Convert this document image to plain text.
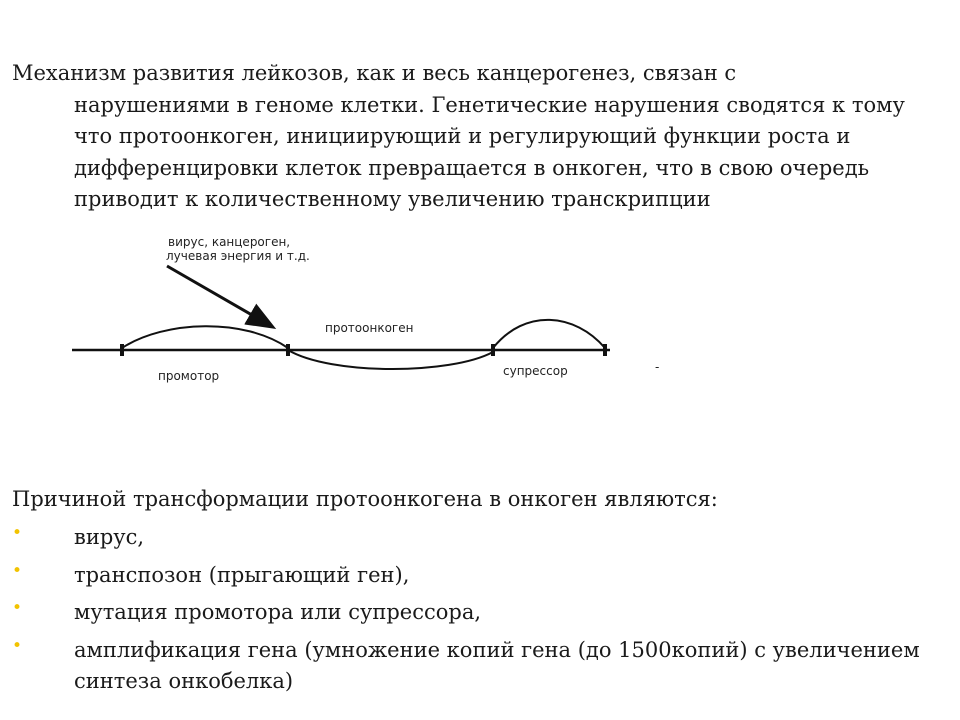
Механизм развития лейкозов, как и весь канцерогенез, связан с
нарушениями в геноме клетки. Генетические нарушения сводятся к тому что протоонкоген, инициирующий и регулирующий функции роста и дифференцировки клеток превращается в онкоген, что в свою очередь приводит к количественному увеличению транскрипции

вирус, канцероген,
лучевая энергия и т.д.
протоонкоген
промотор	супрессор	-

Причиной трансформации протоонкогена в онкоген являются:

• вирус,
• транспозон (прыгающий ген),
• мутация промотора или супрессора,
• амплификация гена (умножение копий гена (до 1500копий) с увеличением синтеза онкобелка)
